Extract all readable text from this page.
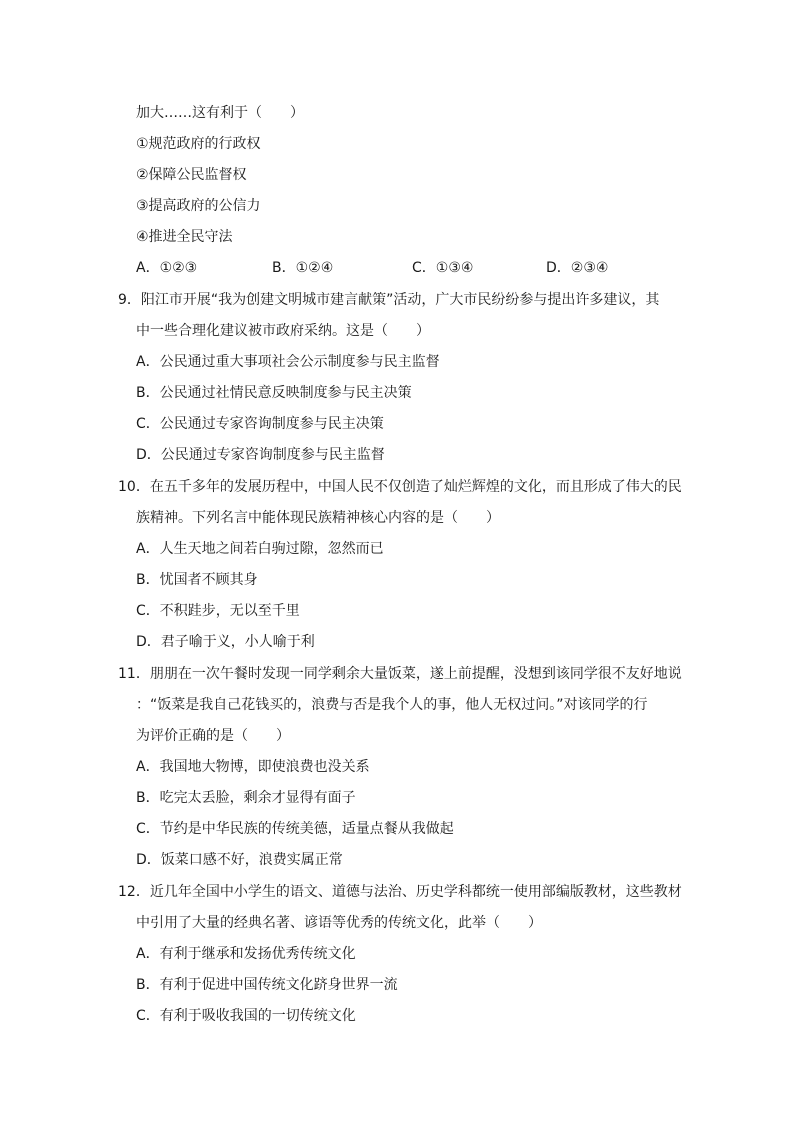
加大……这有利于（　　）
①规范政府的行政权
②保障公民监督权
③提高政府的公信力
④推进全民守法
A．①②③	B．①②④	C．①③④	D．②③④
9．阳江市开展“我为创建文明城市建言献策”活动，广大市民纷纷参与提出许多建议，其
中一些合理化建议被市政府采纳。这是（　　）
A．公民通过重大事项社会公示制度参与民主监督
B．公民通过社情民意反映制度参与民主决策
C．公民通过专家咨询制度参与民主决策
D．公民通过专家咨询制度参与民主监督
10．在五千多年的发展历程中，中国人民不仅创造了灿烂辉煌的文化，而且形成了伟大的民
族精神。下列名言中能体现民族精神核心内容的是（　　）
A．人生天地之间若白驹过隙，忽然而已
B．忧国者不顾其身
C．不积跬步，无以至千里
D．君子喻于义，小人喻于利
11．朋朋在一次午餐时发现一同学剩余大量饭菜，遂上前提醒，没想到该同学很不友好地说
：“饭菜是我自己花钱买的，浪费与否是我个人的事，他人无权过问。”对该同学的行
为评价正确的是（　　）
A．我国地大物博，即使浪费也没关系
B．吃完太丢脸，剩余才显得有面子
C．节约是中华民族的传统美德，适量点餐从我做起
D．饭菜口感不好，浪费实属正常
12．近几年全国中小学生的语文、道德与法治、历史学科都统一使用部编版教材，这些教材
中引用了大量的经典名著、谚语等优秀的传统文化，此举（　　）
A．有利于继承和发扬优秀传统文化
B．有利于促进中国传统文化跻身世界一流
C．有利于吸收我国的一切传统文化
